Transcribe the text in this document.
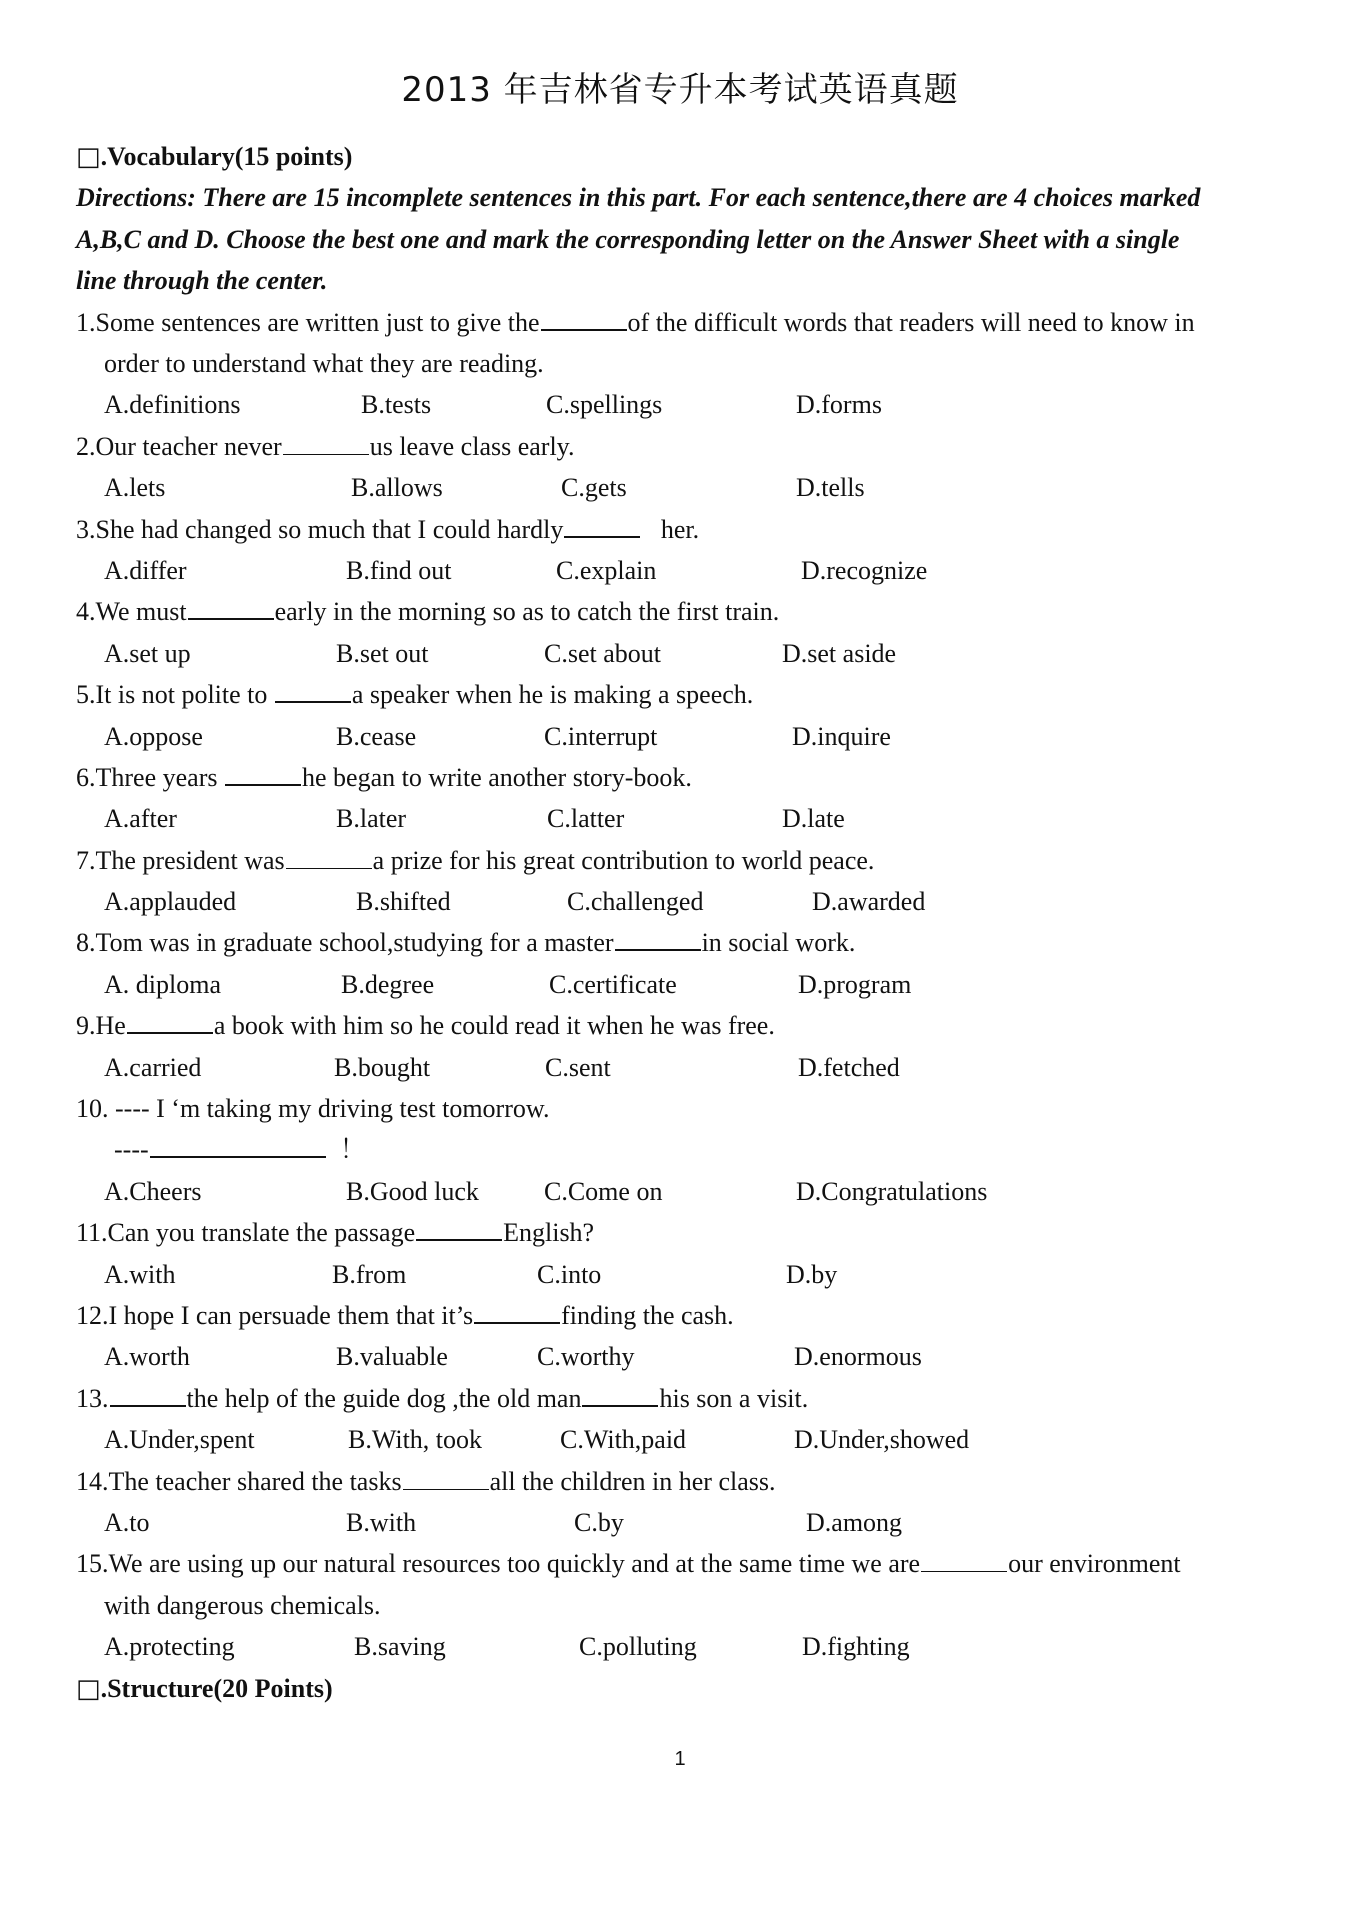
2013 年吉林省专升本考试英语真题
□.Vocabulary(15 points)
Directions: There are 15 incomplete sentences in this part. For each sentence,there are 4 choices marked
A,B,C and D. Choose the best one and mark the corresponding letter on the Answer Sheet with a single
line through the center.
1.Some sentences are written just to give the	of the difficult words that readers will need to know in
order to understand what they are reading.
A.definitions	B.tests	C.spellings	D.forms
2.Our teacher never	us leave class early.
A.lets	B.allows	C.gets	D.tells
3.She had changed so much that I could hardly	her.
A.differ	B.find out	C.explain	D.recognize
4.We must	early in the morning so as to catch the first train.
A.set up	B.set out	C.set about	D.set aside
5.It is not polite to	a speaker when he is making a speech.
A.oppose	B.cease	C.interrupt	D.inquire
6.Three years	he began to write another story-book.
A.after	B.later	C.latter	D.late
7.The president was	a prize for his great contribution to world peace.
A.applauded	B.shifted	C.challenged	D.awarded
8.Tom was in graduate school,studying for a master	in social work.
A. diploma	B.degree	C.certificate	D.program
9.He	a book with him so he could read it when he was free.
A.carried	B.bought	C.sent	D.fetched
10. ---- I ‘m taking my driving test tomorrow.
----	！
A.Cheers	B.Good luck	C.Come on	D.Congratulations
11.Can you translate the passage	English?
A.with	B.from	C.into	D.by
12.I hope I can persuade them that it’s	finding the cash.
A.worth	B.valuable	C.worthy	D.enormous
13.	the help of the guide dog ,the old man	his son a visit.
A.Under,spent	B.With, took	C.With,paid	D.Under,showed
14.The teacher shared the tasks	all the children in her class.
A.to	B.with	C.by	D.among
15.We are using up our natural resources too quickly and at the same time we are	our environment
with dangerous chemicals.
A.protecting	B.saving	C.polluting	D.fighting
□.Structure(20 Points)
1
